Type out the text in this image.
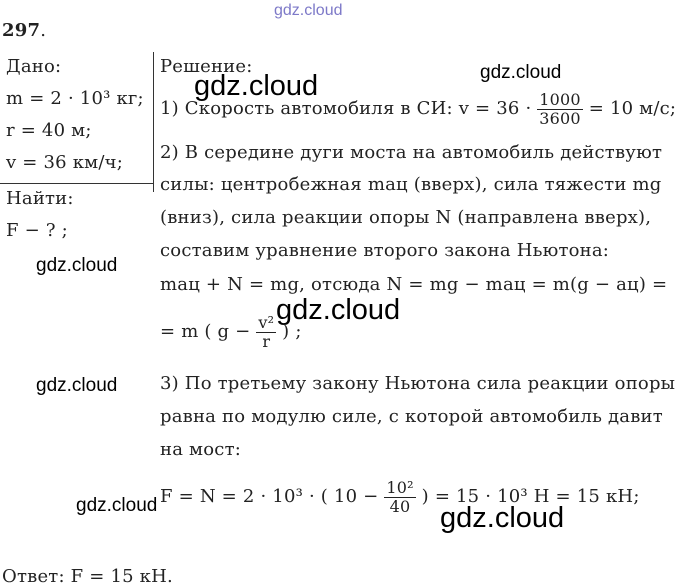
gdz.cloud
gdz.cloud	gdz.cloud
gdz.cloud
gdz.cloud
gdz.cloud
gdz.cloud	gdz.cloud
297.
Дано:
m = 2 · 10³ кг;
r = 40 м;
v = 36 км/ч;
Найти:
F − ? ;
Решение:
1) Скорость автомобиля в СИ: $v = 36 \cdot \frac{1000}{3600} = 10$ м/с;
2) В середине дуги моста на автомобиль действуют
силы: центробежная maц (вверх), сила тяжести mg
(вниз), сила реакции опоры N (направлена вверх),
составим уравнение второго закона Ньютона:
maц + N = mg, отсюда N = mg − maц = m(g − aц) =
= m ( $g - \frac{\text{v²}}{r}$ ) ;
3) По третьему закону Ньютона сила реакции опоры
равна по модулю силе, с которой автомобиль давит
на мост:
F = N = 2 · 10³ · ( $10 - \frac{\text{10²}}{40}$ ) = 15 · 10³ Н = 15 кН;
Ответ: F = 15 кН.
